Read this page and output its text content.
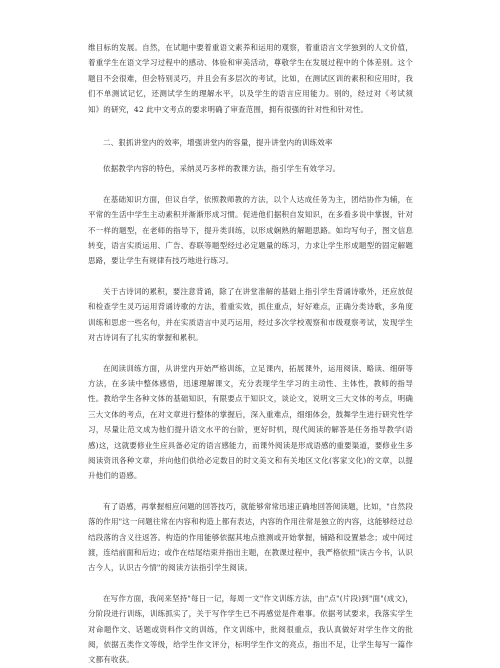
维目标的发展。自然，在试题中要着重语文素养和运用的观察，着重语言文学独到的人文价值，着重学生在语文学习过程中的感动、体验和审美活动，尊敬学生在发展过程中的个体差别。这个题目不会很难，但会特别灵巧，并且会有多层次的考试，比如，在测试区训的素积和应用时，我们不单测试记忆，还测试学生的理解水平，以及学生的语言应用能力。别的，经过对《考试须知》的研究，42 此中文考点的要求明确了审查范围，拥有很强的针对性和针对性。

二、狠抓讲堂内的效率，增强讲堂内的容量，提升讲堂内的训练效率

依据教学内容的特色，采纳灵巧多样的教课方法，指引学生有效学习。

在基础知识方面，但议自学，依照教师教的方法，以个人达成任务为主，团结协作为辅，在平常的生活中学生主动素积并渐渐形成习惯。促进他们据积自发知识，在多看多说中掌握，针对不一样的题型，在老师的指导下，提升类训练，以形成娴熟的解题思路。如均写句子，图文信息转变，语言实质运用、广告、春联等题型经过必定题量的练习，力求让学生形成题型的固定解题思路，要让学生有规律有技巧地进行练习。

关于古诗词的累积，要注意背诵，除了在讲堂准解的基础上指引学生背诵诗歌外，还应放促和检查学生灵巧运用背诵诗歌的方法，着重实效，抓住重点，好好难点，正确分类诗歌，多角度训练和思虑一些名句，并在实质语言中灵巧运用，经过多次学校观察和市级观察考试，发现学生对古诗词有了扎实的掌握和累积。

在阅读训练方面，从讲堂内开始严格训练，立足课内，拓展课外，运用阅读、略读、细研等方法，在多读中整体感悟，迅速理解课文，充分表现学生学习的主动性、主体性，教师的指导性。教给学生各种文体的基础知识，有限要点于知识文，谈论文，说明文三大文体的考点，明确三大文体的考点，在对文章进行整体的掌握后，深入重难点，细细体会，鼓舞学生进行研究性学习，尽量让范文成为他们提升语文水平的台阶，更好时机，现代阅读的解答是任务指导教学(语感)这，这就要修业生应具备必定的语言感能力，而课外阅读是形成语感的重要渠道，要修业生多阅读资讯各种文章，并向他们供给必定数目的时文美文和有关地区文化(客家文化)的文章，以提升他们的语感。

有了语感，再掌握相应问题的回答技巧，就能够常常迅速正确地回答阅读题，比如，"自然段落的作用"这一问题往常在内容和构造上都有表达，内容的作用往常是独立的内容，这能够经过总结段落的含义往返答。构造的作用能够依据其地点推测或开始掌握，铺路和设置悬念；或中间过渡，连结前面和后边；或作在结尾结束并指出主题，在教课过程中，我严格依照"读古今书，认识古今人，认识古今情"的阅读方法指引学生阅读。

在写作方面，我间来坚持"每日一记，每周一文"作文训练方法，由"点"(片段)到"面"(成文)，分阶段进行训练，训练抓实了，关于写作学生已不再感觉是件难事。依据考试要求，我落实学生对命题作文、话题或资料作文的训练，作文训练中，批阅很重点，我认真做好对学生作文的批阅，依据五类作文等级，给学生作文评分，标明学生作文的亮点，指出不足，让学生每写一篇作文都有收获。
